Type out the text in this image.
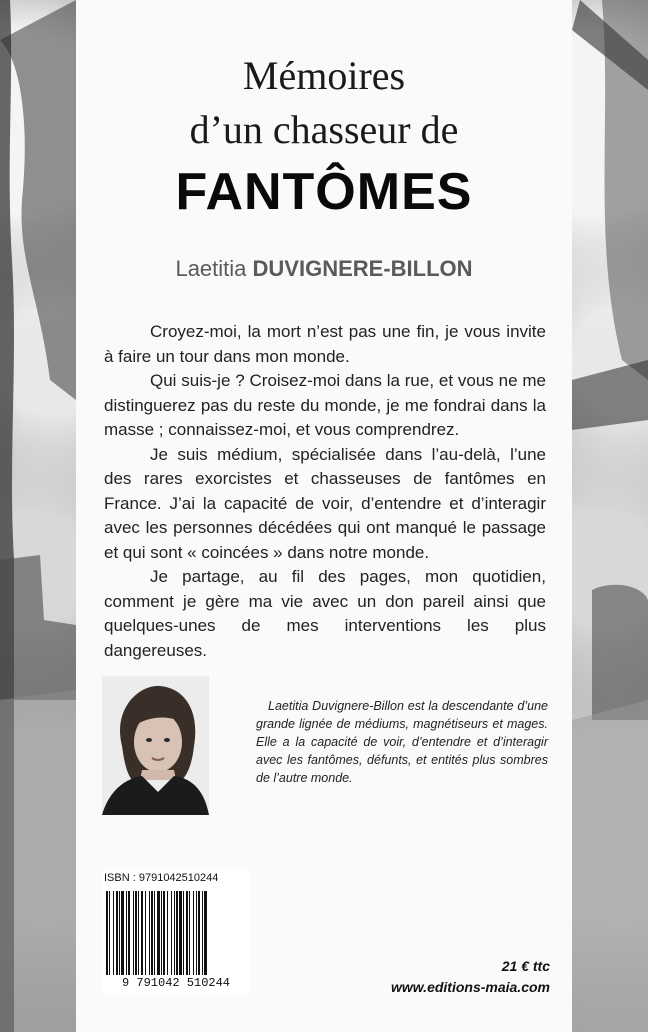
Mémoires
d’un chasseur de
FANTÔMES
Laetitia DUVIGNERE-BILLON

Croyez-moi, la mort n’est pas une fin, je vous invite à faire un tour dans mon monde.

Qui suis-je ? Croisez-moi dans la rue, et vous ne me distinguerez pas du reste du monde, je me fondrai dans la masse ; connaissez-moi, et vous comprendrez.

Je suis médium, spécialisée dans l’au-delà, l’une des rares exorcistes et chasseuses de fantômes en France. J’ai la capacité de voir, d’entendre et d’interagir avec les personnes décédées qui ont manqué le passage et qui sont « coincées » dans notre monde.

Je partage, au fil des pages, mon quotidien, comment je gère ma vie avec un don pareil ainsi que quelques-unes de mes interventions les plus dangereuses.

Laetitia Duvignere-Billon est la descendante d’une grande lignée de médiums, magnétiseurs et mages. Elle a la capacité de voir, d’entendre et d’interagir avec les fantômes, défunts, et entités plus sombres de l’autre monde.

ISBN : 9791042510244
9 791042 510244
21 € ttc
www.editions-maia.com
